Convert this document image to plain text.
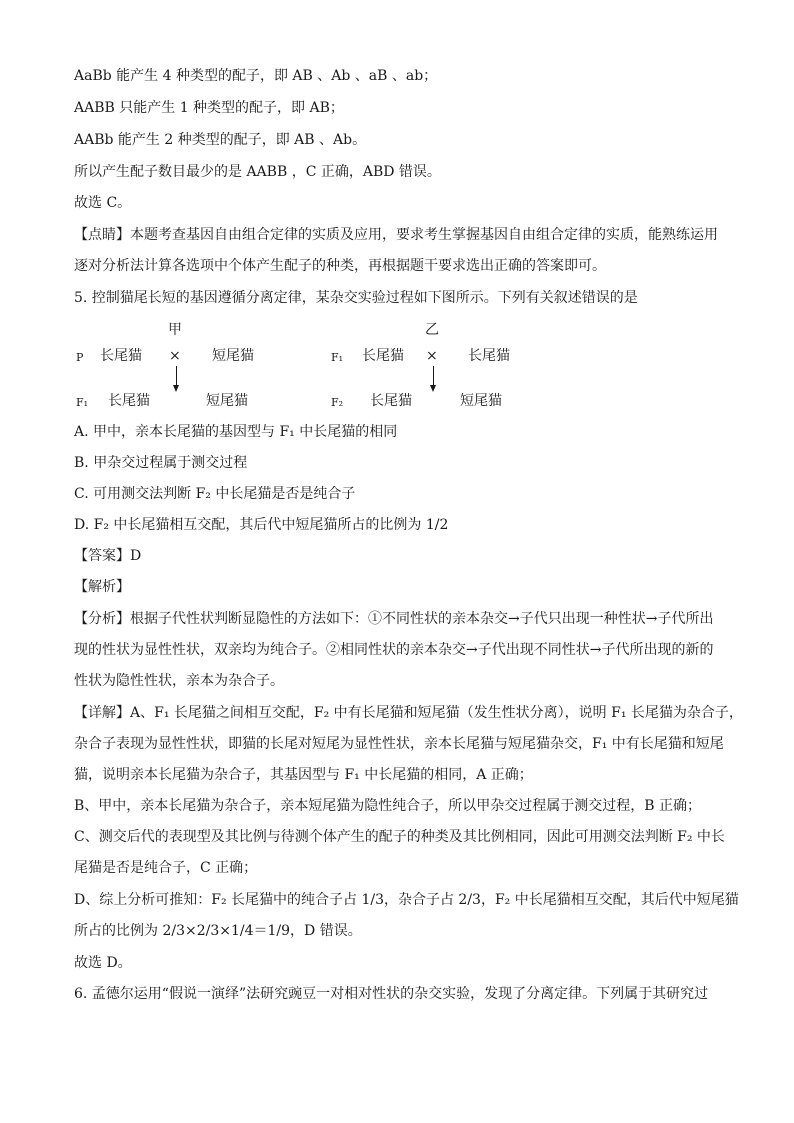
AaBb 能产生 4 种类型的配子，即 AB 、Ab 、aB 、ab；
AABB 只能产生 1 种类型的配子，即 AB；
AABb 能产生 2 种类型的配子，即 AB 、Ab。
所以产生配子数目最少的是 AABB ，C 正确，ABD 错误。
故选 C。
【点睛】本题考查基因自由组合定律的实质及应用，要求考生掌握基因自由组合定律的实质，能熟练运用
逐对分析法计算各选项中个体产生配子的种类，再根据题干要求选出正确的答案即可。
5. 控制猫尾长短的基因遵循分离定律，某杂交实验过程如下图所示。下列有关叙述错误的是
甲	乙
P 长尾猫 × 短尾猫	F₁ 长尾猫 × 长尾猫
F₁ 长尾猫	短尾猫	F₂ 长尾猫	短尾猫
A. 甲中，亲本长尾猫的基因型与 F₁ 中长尾猫的相同
B. 甲杂交过程属于测交过程
C. 可用测交法判断 F₂ 中长尾猫是否是纯合子
D. F₂ 中长尾猫相互交配，其后代中短尾猫所占的比例为 1/2
【答案】D
【解析】
【分析】根据子代性状判断显隐性的方法如下：①不同性状的亲本杂交→子代只出现一种性状→子代所出
现的性状为显性性状，双亲均为纯合子。②相同性状的亲本杂交→子代出现不同性状→子代所出现的新的
性状为隐性性状，亲本为杂合子。
【详解】A、F₁ 长尾猫之间相互交配，F₂ 中有长尾猫和短尾猫（发生性状分离），说明 F₁ 长尾猫为杂合子，
杂合子表现为显性性状，即猫的长尾对短尾为显性性状，亲本长尾猫与短尾猫杂交，F₁ 中有长尾猫和短尾
猫，说明亲本长尾猫为杂合子，其基因型与 F₁ 中长尾猫的相同，A 正确；
B、甲中，亲本长尾猫为杂合子，亲本短尾猫为隐性纯合子，所以甲杂交过程属于测交过程，B 正确；
C、测交后代的表现型及其比例与待测个体产生的配子的种类及其比例相同，因此可用测交法判断 F₂ 中长
尾猫是否是纯合子，C 正确；
D、综上分析可推知：F₂ 长尾猫中的纯合子占 1/3，杂合子占 2/3，F₂ 中长尾猫相互交配，其后代中短尾猫
所占的比例为 2/3×2/3×1/4＝1/9，D 错误。
故选 D。
6. 孟德尔运用“假说一演绎”法研究豌豆一对相对性状的杂交实验，发现了分离定律。下列属于其研究过
